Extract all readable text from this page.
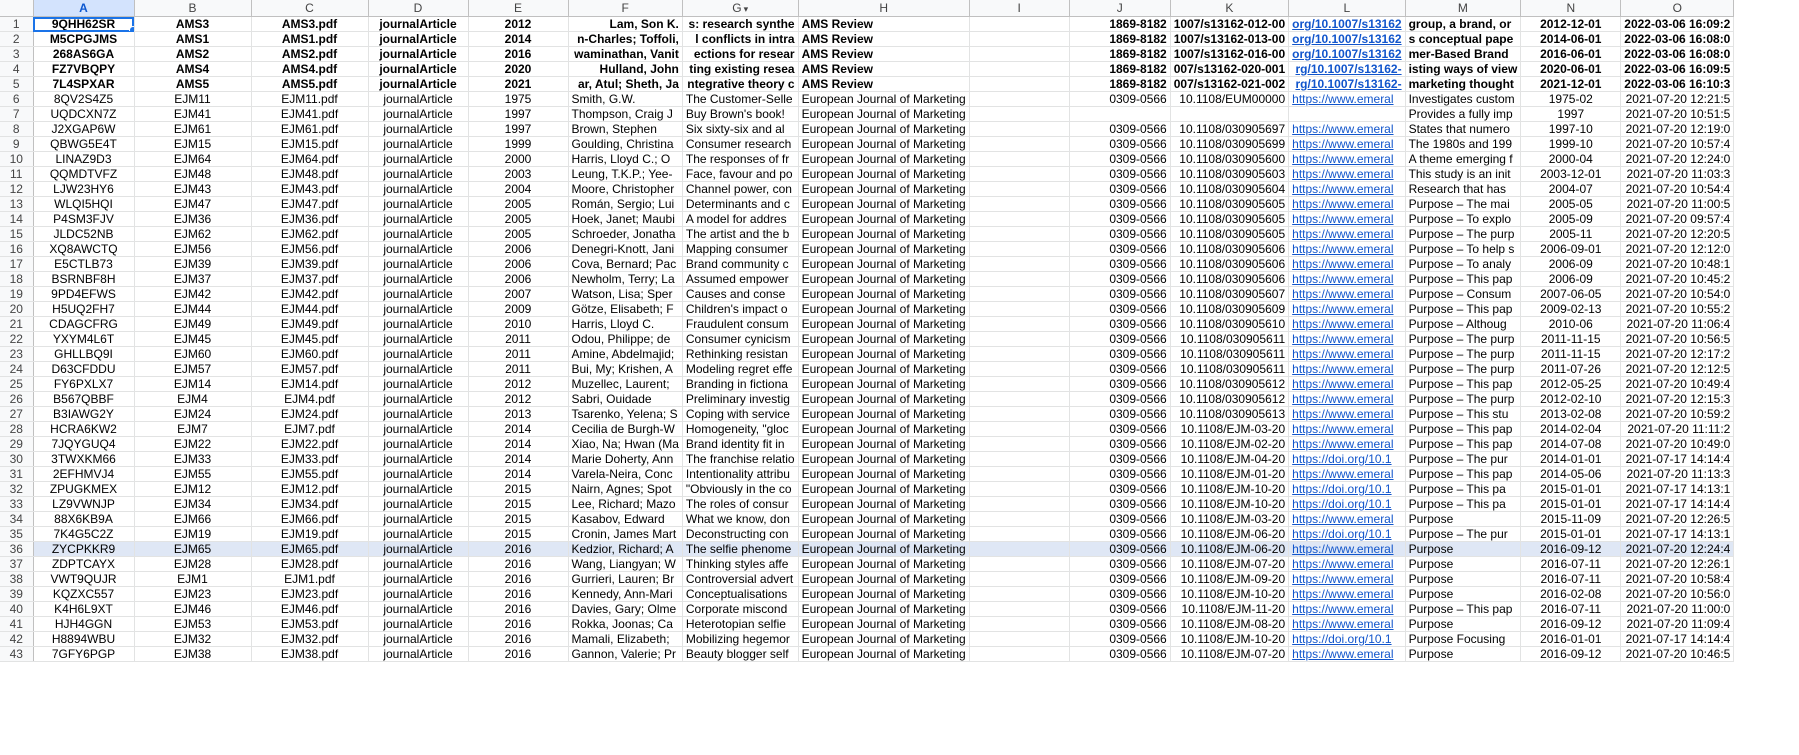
	A	B	C	D	E	F	G ▾	H	I	J	K	L	M	N	O
1	9QHH62SR	AMS3	AMS3.pdf	journalArticle	2012	Lam, Son K.	s: research synthe	AMS Review		1869-8182	1007/s13162-012-00	org/10.1007/s13162	group, a brand, or	2012-12-01	2022-03-06 16:09:2
2	M5CPGJMS	AMS1	AMS1.pdf	journalArticle	2014	n-Charles; Toffoli,	l conflicts in intra	AMS Review		1869-8182	1007/s13162-013-00	org/10.1007/s13162	s conceptual pape	2014-06-01	2022-03-06 16:08:0
3	268AS6GA	AMS2	AMS2.pdf	journalArticle	2016	waminathan, Vanit	ections for resear	AMS Review		1869-8182	1007/s13162-016-00	org/10.1007/s13162	mer-Based Brand	2016-06-01	2022-03-06 16:08:0
4	FZ7VBQPY	AMS4	AMS4.pdf	journalArticle	2020	Hulland, John	ting existing resea	AMS Review		1869-8182	007/s13162-020-001	rg/10.1007/s13162-	isting ways of view	2020-06-01	2022-03-06 16:09:5
5	7L4SPXAR	AMS5	AMS5.pdf	journalArticle	2021	ar, Atul; Sheth, Ja	ntegrative theory c	AMS Review		1869-8182	007/s13162-021-002	rg/10.1007/s13162-	marketing thought	2021-12-01	2022-03-06 16:10:3
6	8QV2S4Z5	EJM11	EJM11.pdf	journalArticle	1975	Smith, G.W.	The Customer-Selle	European Journal of Marketing		0309-0566	10.1108/EUM00000	https://www.emeral	Investigates custom	1975-02	2021-07-20 12:21:5
7	UQDCXN7Z	EJM41	EJM41.pdf	journalArticle	1997	Thompson, Craig J	Buy Brown's book!	European Journal of Marketing					Provides a fully imp	1997	2021-07-20 10:51:5
8	J2XGAP6W	EJM61	EJM61.pdf	journalArticle	1997	Brown, Stephen	Six sixty-six and al	European Journal of Marketing		0309-0566	10.1108/030905697	https://www.emeral	States that numero	1997-10	2021-07-20 12:19:0
9	QBWG5E4T	EJM15	EJM15.pdf	journalArticle	1999	Goulding, Christina	Consumer research	European Journal of Marketing		0309-0566	10.1108/030905699	https://www.emeral	The 1980s and 199	1999-10	2021-07-20 10:57:4
10	LINAZ9D3	EJM64	EJM64.pdf	journalArticle	2000	Harris, Lloyd C.; O	The responses of fr	European Journal of Marketing		0309-0566	10.1108/030905600	https://www.emeral	A theme emerging f	2000-04	2021-07-20 12:24:0
11	QQMDTVFZ	EJM48	EJM48.pdf	journalArticle	2003	Leung, T.K.P.; Yee-	Face, favour and po	European Journal of Marketing		0309-0566	10.1108/030905603	https://www.emeral	This study is an init	2003-12-01	2021-07-20 11:03:3
12	LJW23HY6	EJM43	EJM43.pdf	journalArticle	2004	Moore, Christopher	Channel power, con	European Journal of Marketing		0309-0566	10.1108/030905604	https://www.emeral	Research that has	2004-07	2021-07-20 10:54:4
13	WLQI5HQI	EJM47	EJM47.pdf	journalArticle	2005	Román, Sergio; Lui	Determinants and c	European Journal of Marketing		0309-0566	10.1108/030905605	https://www.emeral	Purpose – The mai	2005-05	2021-07-20 11:00:5
14	P4SM3FJV	EJM36	EJM36.pdf	journalArticle	2005	Hoek, Janet; Maubi	A model for addres	European Journal of Marketing		0309-0566	10.1108/030905605	https://www.emeral	Purpose – To explo	2005-09	2021-07-20 09:57:4
15	JLDC52NB	EJM62	EJM62.pdf	journalArticle	2005	Schroeder, Jonatha	The artist and the b	European Journal of Marketing		0309-0566	10.1108/030905605	https://www.emeral	Purpose – The purp	2005-11	2021-07-20 12:20:5
16	XQ8AWCTQ	EJM56	EJM56.pdf	journalArticle	2006	Denegri-Knott, Jani	Mapping consumer	European Journal of Marketing		0309-0566	10.1108/030905606	https://www.emeral	Purpose – To help s	2006-09-01	2021-07-20 12:12:0
17	E5CTLB73	EJM39	EJM39.pdf	journalArticle	2006	Cova, Bernard; Pac	Brand community c	European Journal of Marketing		0309-0566	10.1108/030905606	https://www.emeral	Purpose – To analy	2006-09	2021-07-20 10:48:1
18	BSRNBF8H	EJM37	EJM37.pdf	journalArticle	2006	Newholm, Terry; La	Assumed empower	European Journal of Marketing		0309-0566	10.1108/030905606	https://www.emeral	Purpose – This pap	2006-09	2021-07-20 10:45:2
19	9PD4EFWS	EJM42	EJM42.pdf	journalArticle	2007	Watson, Lisa; Sper	Causes and conse	European Journal of Marketing		0309-0566	10.1108/030905607	https://www.emeral	Purpose – Consum	2007-06-05	2021-07-20 10:54:0
20	H5UQ2FH7	EJM44	EJM44.pdf	journalArticle	2009	Götze, Elisabeth; F	Children's impact o	European Journal of Marketing		0309-0566	10.1108/030905609	https://www.emeral	Purpose – This pap	2009-02-13	2021-07-20 10:55:2
21	CDAGCFRG	EJM49	EJM49.pdf	journalArticle	2010	Harris, Lloyd C.	Fraudulent consum	European Journal of Marketing		0309-0566	10.1108/030905610	https://www.emeral	Purpose – Althoug	2010-06	2021-07-20 11:06:4
22	YXYM4L6T	EJM45	EJM45.pdf	journalArticle	2011	Odou, Philippe; de	Consumer cynicism	European Journal of Marketing		0309-0566	10.1108/030905611	https://www.emeral	Purpose – The purp	2011-11-15	2021-07-20 10:56:5
23	GHLLBQ9I	EJM60	EJM60.pdf	journalArticle	2011	Amine, Abdelmajid;	Rethinking resistan	European Journal of Marketing		0309-0566	10.1108/030905611	https://www.emeral	Purpose – The purp	2011-11-15	2021-07-20 12:17:2
24	D63CFDDU	EJM57	EJM57.pdf	journalArticle	2011	Bui, My; Krishen, A	Modeling regret effe	European Journal of Marketing		0309-0566	10.1108/030905611	https://www.emeral	Purpose – The purp	2011-07-26	2021-07-20 12:12:5
25	FY6PXLX7	EJM14	EJM14.pdf	journalArticle	2012	Muzellec, Laurent;	Branding in fictiona	European Journal of Marketing		0309-0566	10.1108/030905612	https://www.emeral	Purpose – This pap	2012-05-25	2021-07-20 10:49:4
26	B567QBBF	EJM4	EJM4.pdf	journalArticle	2012	Sabri, Ouidade	Preliminary investig	European Journal of Marketing		0309-0566	10.1108/030905612	https://www.emeral	Purpose – The purp	2012-02-10	2021-07-20 12:15:3
27	B3IAWG2Y	EJM24	EJM24.pdf	journalArticle	2013	Tsarenko, Yelena; S	Coping with service	European Journal of Marketing		0309-0566	10.1108/030905613	https://www.emeral	Purpose – This stu	2013-02-08	2021-07-20 10:59:2
28	HCRA6KW2	EJM7	EJM7.pdf	journalArticle	2014	Cecilia de Burgh-W	Homogeneity, "gloc	European Journal of Marketing		0309-0566	10.1108/EJM-03-20	https://www.emeral	Purpose – This pap	2014-02-04	2021-07-20 11:11:2
29	7JQYGUQ4	EJM22	EJM22.pdf	journalArticle	2014	Xiao, Na; Hwan (Ma	Brand identity fit in	European Journal of Marketing		0309-0566	10.1108/EJM-02-20	https://www.emeral	Purpose – This pap	2014-07-08	2021-07-20 10:49:0
30	3TWXKM66	EJM33	EJM33.pdf	journalArticle	2014	Marie Doherty, Ann	The franchise relatio	European Journal of Marketing		0309-0566	10.1108/EJM-04-20	https://doi.org/10.1	Purpose – The pur	2014-01-01	2021-07-17 14:14:4
31	2EFHMVJ4	EJM55	EJM55.pdf	journalArticle	2014	Varela-Neira, Conc	Intentionality attribu	European Journal of Marketing		0309-0566	10.1108/EJM-01-20	https://www.emeral	Purpose – This pap	2014-05-06	2021-07-20 11:13:3
32	ZPUGKMEX	EJM12	EJM12.pdf	journalArticle	2015	Nairn, Agnes; Spot	"Obviously in the co	European Journal of Marketing		0309-0566	10.1108/EJM-10-20	https://doi.org/10.1	Purpose – This pa	2015-01-01	2021-07-17 14:13:1
33	LZ9VWNJP	EJM34	EJM34.pdf	journalArticle	2015	Lee, Richard; Mazo	The roles of consur	European Journal of Marketing		0309-0566	10.1108/EJM-10-20	https://doi.org/10.1	Purpose – This pa	2015-01-01	2021-07-17 14:14:4
34	88X6KB9A	EJM66	EJM66.pdf	journalArticle	2015	Kasabov, Edward	What we know, don	European Journal of Marketing		0309-0566	10.1108/EJM-03-20	https://www.emeral	Purpose	2015-11-09	2021-07-20 12:26:5
35	7K4G5C2Z	EJM19	EJM19.pdf	journalArticle	2015	Cronin, James Mart	Deconstructing con	European Journal of Marketing		0309-0566	10.1108/EJM-06-20	https://doi.org/10.1	Purpose – The pur	2015-01-01	2021-07-17 14:13:1
36	ZYCPKKR9	EJM65	EJM65.pdf	journalArticle	2016	Kedzior, Richard; A	The selfie phenome	European Journal of Marketing		0309-0566	10.1108/EJM-06-20	https://www.emeral	Purpose	2016-09-12	2021-07-20 12:24:4
37	ZDPTCAYX	EJM28	EJM28.pdf	journalArticle	2016	Wang, Liangyan; W	Thinking styles affe	European Journal of Marketing		0309-0566	10.1108/EJM-07-20	https://www.emeral	Purpose	2016-07-11	2021-07-20 12:26:1
38	VWT9QUJR	EJM1	EJM1.pdf	journalArticle	2016	Gurrieri, Lauren; Br	Controversial advert	European Journal of Marketing		0309-0566	10.1108/EJM-09-20	https://www.emeral	Purpose	2016-07-11	2021-07-20 10:58:4
39	KQZXC557	EJM23	EJM23.pdf	journalArticle	2016	Kennedy, Ann-Mari	Conceptualisations	European Journal of Marketing		0309-0566	10.1108/EJM-10-20	https://www.emeral	Purpose	2016-02-08	2021-07-20 10:56:0
40	K4H6L9XT	EJM46	EJM46.pdf	journalArticle	2016	Davies, Gary; Olme	Corporate miscond	European Journal of Marketing		0309-0566	10.1108/EJM-11-20	https://www.emeral	Purpose – This pap	2016-07-11	2021-07-20 11:00:0
41	HJH4GGN	EJM53	EJM53.pdf	journalArticle	2016	Rokka, Joonas; Ca	Heterotopian selfie	European Journal of Marketing		0309-0566	10.1108/EJM-08-20	https://www.emeral	Purpose	2016-09-12	2021-07-20 11:09:4
42	H8894WBU	EJM32	EJM32.pdf	journalArticle	2016	Mamali, Elizabeth;	Mobilizing hegemor	European Journal of Marketing		0309-0566	10.1108/EJM-10-20	https://doi.org/10.1	Purpose Focusing	2016-01-01	2021-07-17 14:14:4
43	7GFY6PGP	EJM38	EJM38.pdf	journalArticle	2016	Gannon, Valerie; Pr	Beauty blogger self	European Journal of Marketing		0309-0566	10.1108/EJM-07-20	https://www.emeral	Purpose	2016-09-12	2021-07-20 10:46:5
